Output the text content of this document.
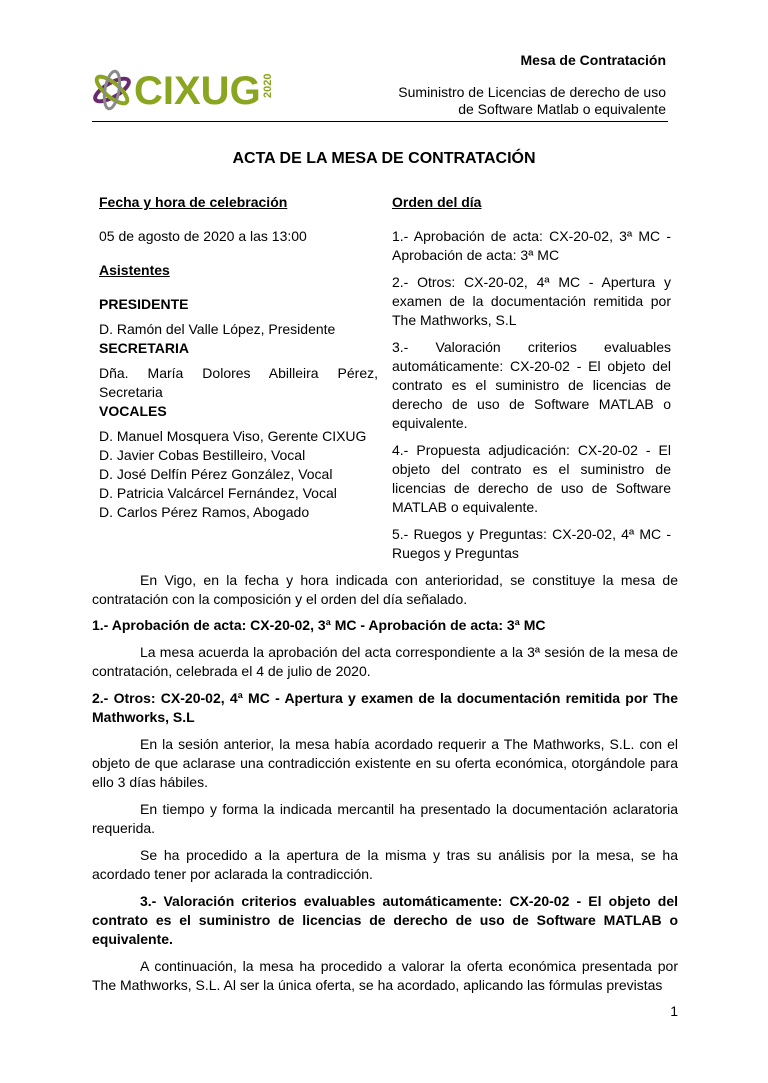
CIXUG 2020
Mesa de Contratación
Suministro de Licencias de derecho de uso
de Software Matlab o equivalente
ACTA DE LA MESA DE CONTRATACIÓN
Fecha y hora de celebración
05 de agosto de 2020 a las 13:00
Asistentes
PRESIDENTE
D. Ramón del Valle López, Presidente
SECRETARIA
Dña. María Dolores Abilleira Pérez, Secretaria
VOCALES
D. Manuel Mosquera Viso, Gerente CIXUG
D. Javier Cobas Bestilleiro, Vocal
D. José Delfín Pérez González, Vocal
D. Patricia Valcárcel Fernández, Vocal
D. Carlos Pérez Ramos, Abogado
Orden del día

1.- Aprobación de acta: CX-20-02, 3ª MC - Aprobación de acta: 3ª MC

2.- Otros: CX-20-02, 4ª MC - Apertura y examen de la documentación remitida por The Mathworks, S.L

3.- Valoración criterios evaluables automáticamente: CX-20-02 - El objeto del contrato es el suministro de licencias de derecho de uso de Software MATLAB o equivalente.

4.- Propuesta adjudicación: CX-20-02 - El objeto del contrato es el suministro de licencias de derecho de uso de Software MATLAB o equivalente.

5.- Ruegos y Preguntas: CX-20-02, 4ª MC - Ruegos y Preguntas

En Vigo, en la fecha y hora indicada con anterioridad, se constituye la mesa de contratación con la composición y el orden del día señalado.

1.- Aprobación de acta: CX-20-02, 3ª MC - Aprobación de acta: 3ª MC

La mesa acuerda la aprobación del acta correspondiente a la 3ª sesión de la mesa de contratación, celebrada el 4 de julio de 2020.

2.- Otros: CX-20-02, 4ª MC - Apertura y examen de la documentación remitida por The Mathworks, S.L

En la sesión anterior, la mesa había acordado requerir a The Mathworks, S.L. con el objeto de que aclarase una contradicción existente en su oferta económica, otorgándole para ello 3 días hábiles.

En tiempo y forma la indicada mercantil ha presentado la documentación aclaratoria requerida.

Se ha procedido a la apertura de la misma y tras su análisis por la mesa, se ha acordado tener por aclarada la contradicción.

3.- Valoración criterios evaluables automáticamente: CX-20-02 - El objeto del contrato es el suministro de licencias de derecho de uso de Software MATLAB o equivalente.

A continuación, la mesa ha procedido a valorar la oferta económica presentada por The Mathworks, S.L. Al ser la única oferta, se ha acordado, aplicando las fórmulas previstas

1
